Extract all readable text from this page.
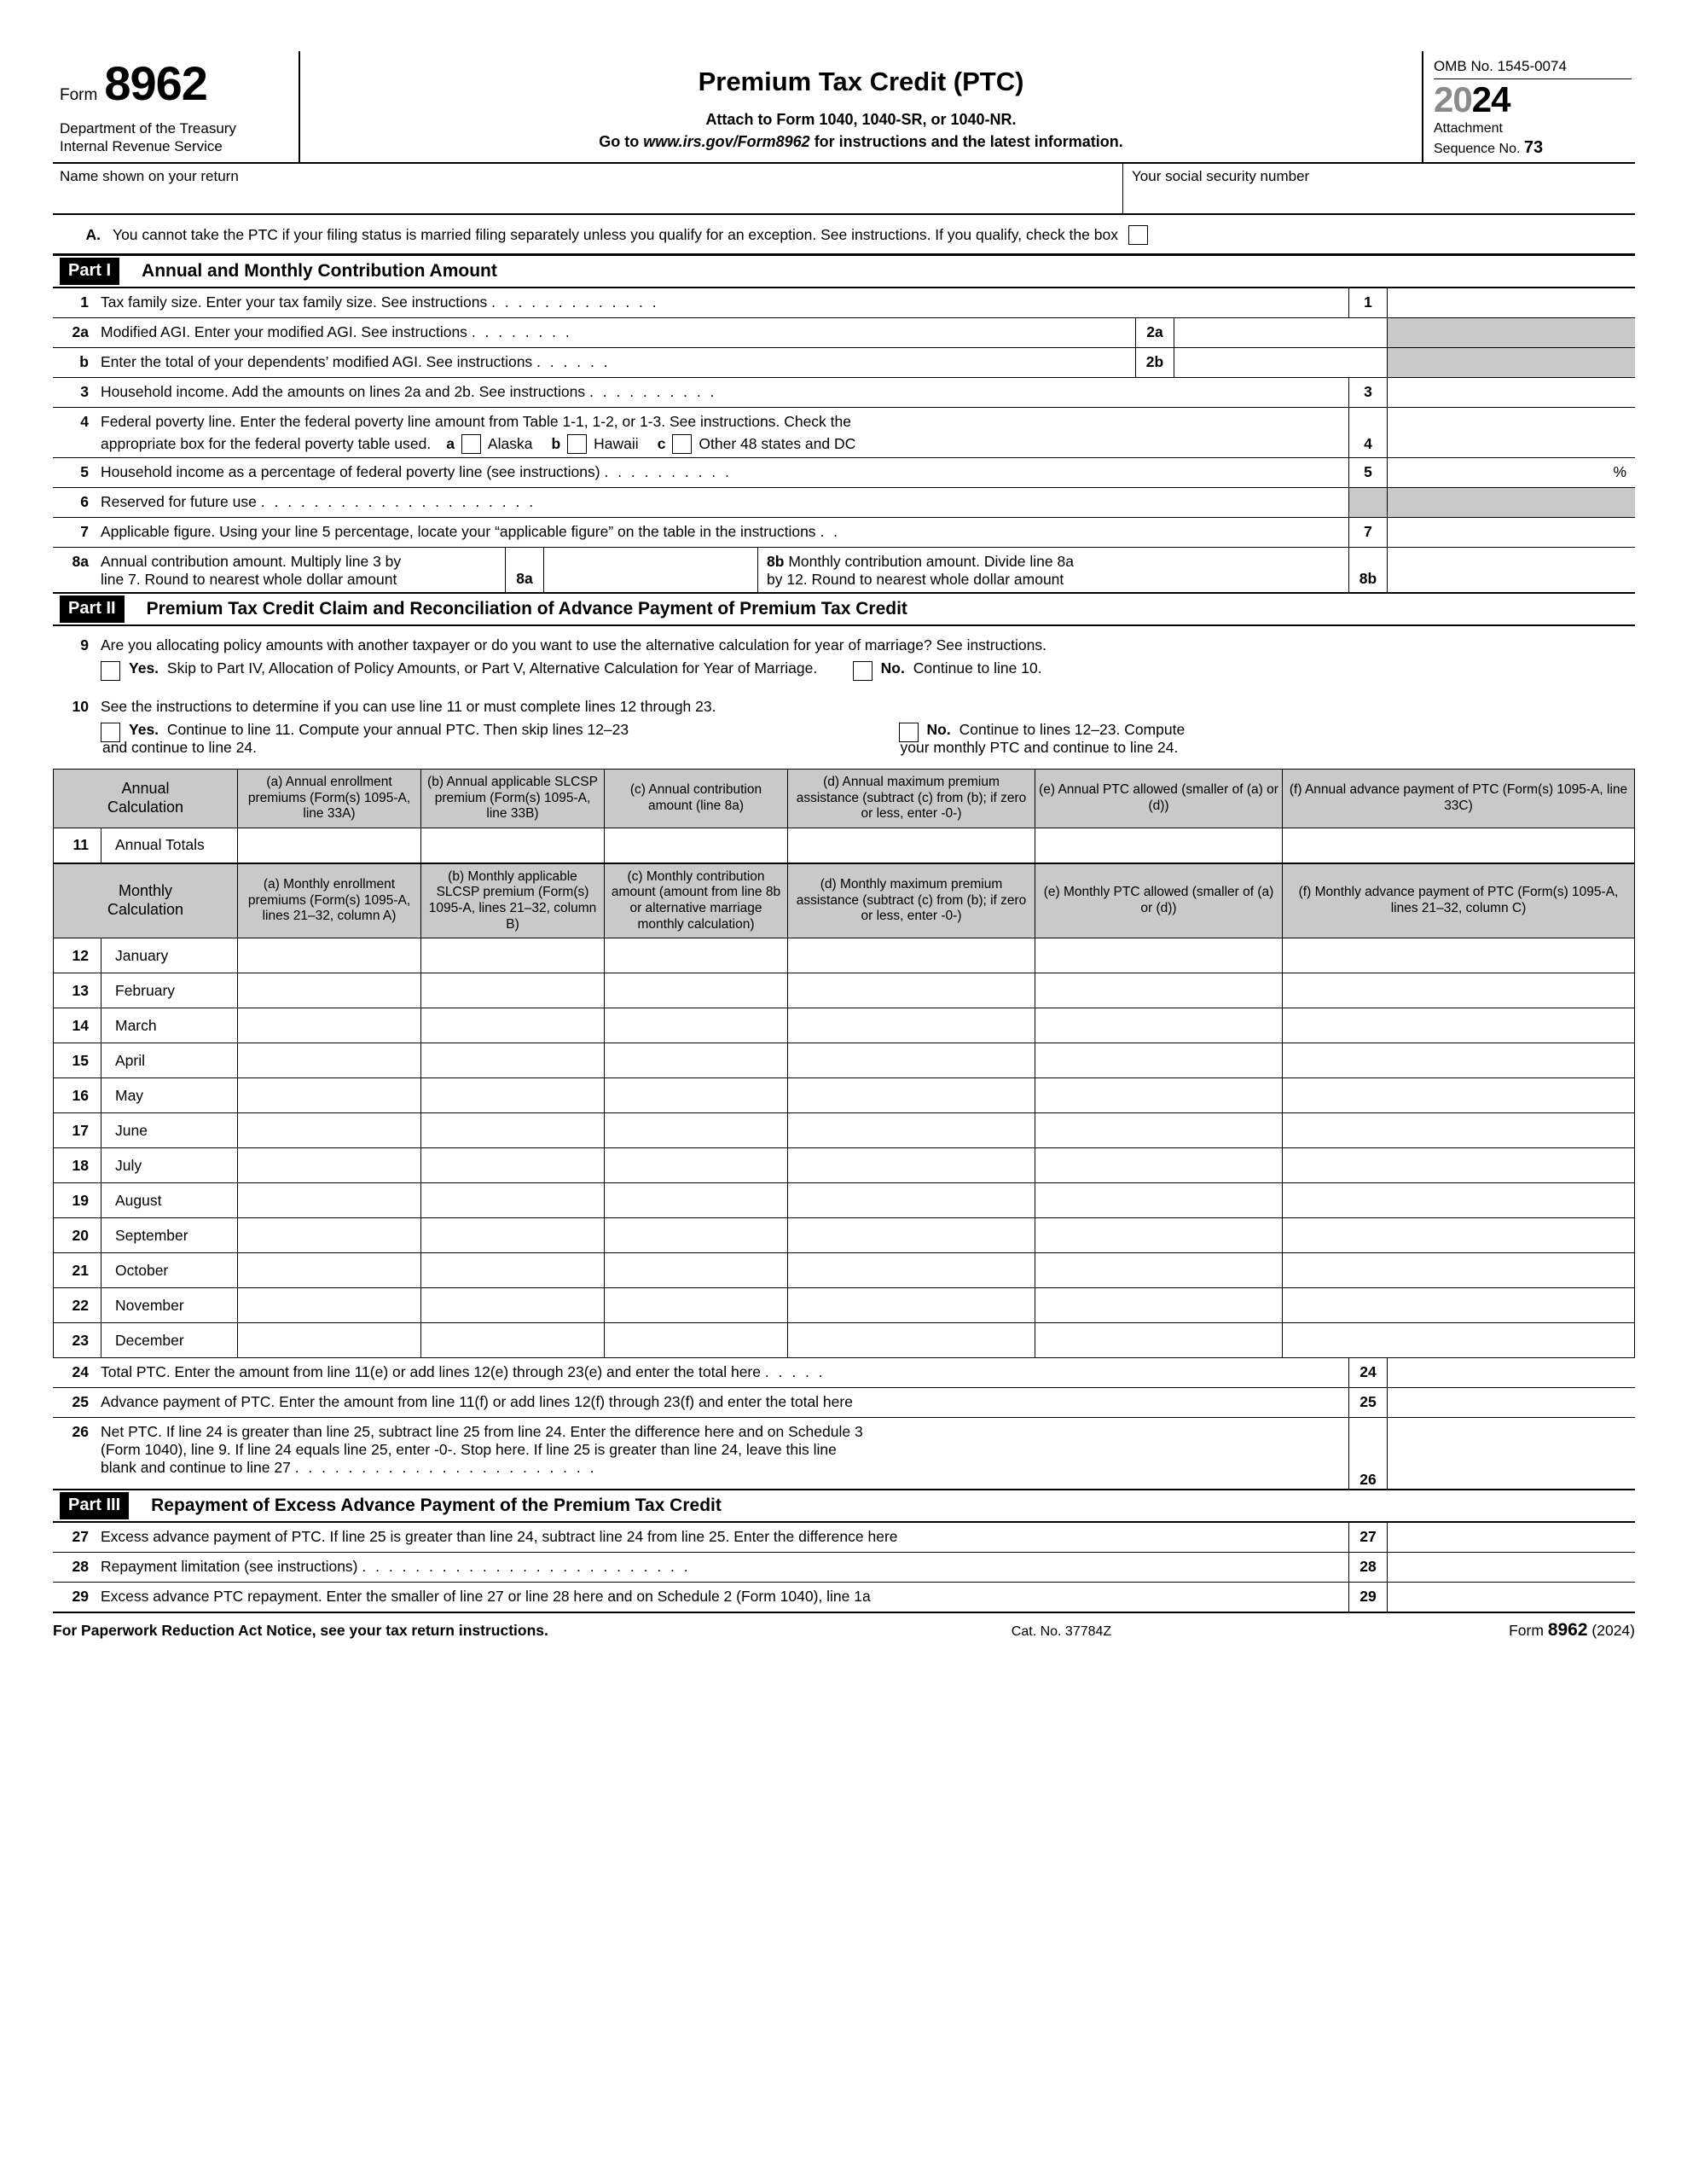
Form 8962
Department of the Treasury
Internal Revenue Service
Premium Tax Credit (PTC)
Attach to Form 1040, 1040-SR, or 1040-NR.
Go to www.irs.gov/Form8962 for instructions and the latest information.
OMB No. 1545-0074
2024
Attachment
Sequence No. 73
Name shown on your return	Your social security number
A. You cannot take the PTC if your filing status is married filing separately unless you qualify for an exception. See instructions. If you qualify, check the box
Part I	Annual and Monthly Contribution Amount
1 Tax family size. Enter your tax family size. See instructions . . . . . . . . . . . . .	1
2a Modified AGI. Enter your modified AGI. See instructions . . . . . . . .	2a
b Enter the total of your dependents’ modified AGI. See instructions . . . . . .	2b
3 Household income. Add the amounts on lines 2a and 2b. See instructions . . . . . . . . . .	3
4 Federal poverty line. Enter the federal poverty line amount from Table 1-1, 1-2, or 1-3. See instructions. Check the
appropriate box for the federal poverty table used. a Alaska b Hawaii c Other 48 states and DC	4
5 Household income as a percentage of federal poverty line (see instructions) . . . . . . . . . .	5	%
6 Reserved for future use . . . . . . . . . . . . . . . . . . . . .
7 Applicable figure. Using your line 5 percentage, locate your “applicable figure” on the table in the instructions . .	7
8a Annual contribution amount. Multiply line 3 by
line 7. Round to nearest whole dollar amount	8a
8b Monthly contribution amount. Divide line 8a
by 12. Round to nearest whole dollar amount	8b
Part II	Premium Tax Credit Claim and Reconciliation of Advance Payment of Premium Tax Credit
9 Are you allocating policy amounts with another taxpayer or do you want to use the alternative calculation for year of marriage? See instructions.
Yes. Skip to Part IV, Allocation of Policy Amounts, or Part V, Alternative Calculation for Year of Marriage.	No. Continue to line 10.
10 See the instructions to determine if you can use line 11 or must complete lines 12 through 23.
Yes. Continue to line 11. Compute your annual PTC. Then skip lines 12–23
and continue to line 24.
No. Continue to lines 12–23. Compute
your monthly PTC and continue to line 24.
Annual
Calculation		(a) Annual enrollment premiums (Form(s) 1095-A, line 33A)	(b) Annual applicable SLCSP premium (Form(s) 1095-A, line 33B)	(c) Annual contribution amount (line 8a)	(d) Annual maximum premium assistance (subtract (c) from (b); if zero or less, enter -0-)	(e) Annual PTC allowed (smaller of (a) or (d))	(f) Annual advance payment of PTC (Form(s) 1095-A, line 33C)
11	Annual Totals						
Monthly
Calculation		(a) Monthly enrollment premiums (Form(s) 1095-A, lines 21–32, column A)	(b) Monthly applicable SLCSP premium (Form(s) 1095-A, lines 21–32, column B)	(c) Monthly contribution amount (amount from line 8b or alternative marriage monthly calculation)	(d) Monthly maximum premium assistance (subtract (c) from (b); if zero or less, enter -0-)	(e) Monthly PTC allowed (smaller of (a) or (d))	(f) Monthly advance payment of PTC (Form(s) 1095-A, lines 21–32, column C)
12	January						
13	February						
14	March						
15	April						
16	May						
17	June						
18	July						
19	August						
20	September						
21	October						
22	November						
23	December						
24 Total PTC. Enter the amount from line 11(e) or add lines 12(e) through 23(e) and enter the total here . . . . .	24
25 Advance payment of PTC. Enter the amount from line 11(f) or add lines 12(f) through 23(f) and enter the total here	25
26 Net PTC. If line 24 is greater than line 25, subtract line 25 from line 24. Enter the difference here and on Schedule 3
(Form 1040), line 9. If line 24 equals line 25, enter -0-. Stop here. If line 25 is greater than line 24, leave this line
blank and continue to line 27 . . . . . . . . . . . . . . . . . . . . . . .
26
Part III	Repayment of Excess Advance Payment of the Premium Tax Credit
27 Excess advance payment of PTC. If line 25 is greater than line 24, subtract line 24 from line 25. Enter the difference here	27
28 Repayment limitation (see instructions) . . . . . . . . . . . . . . . . . . . . . . . . .	28
29 Excess advance PTC repayment. Enter the smaller of line 27 or line 28 here and on Schedule 2 (Form 1040), line 1a	29
For Paperwork Reduction Act Notice, see your tax return instructions.	Cat. No. 37784Z	Form 8962 (2024)
